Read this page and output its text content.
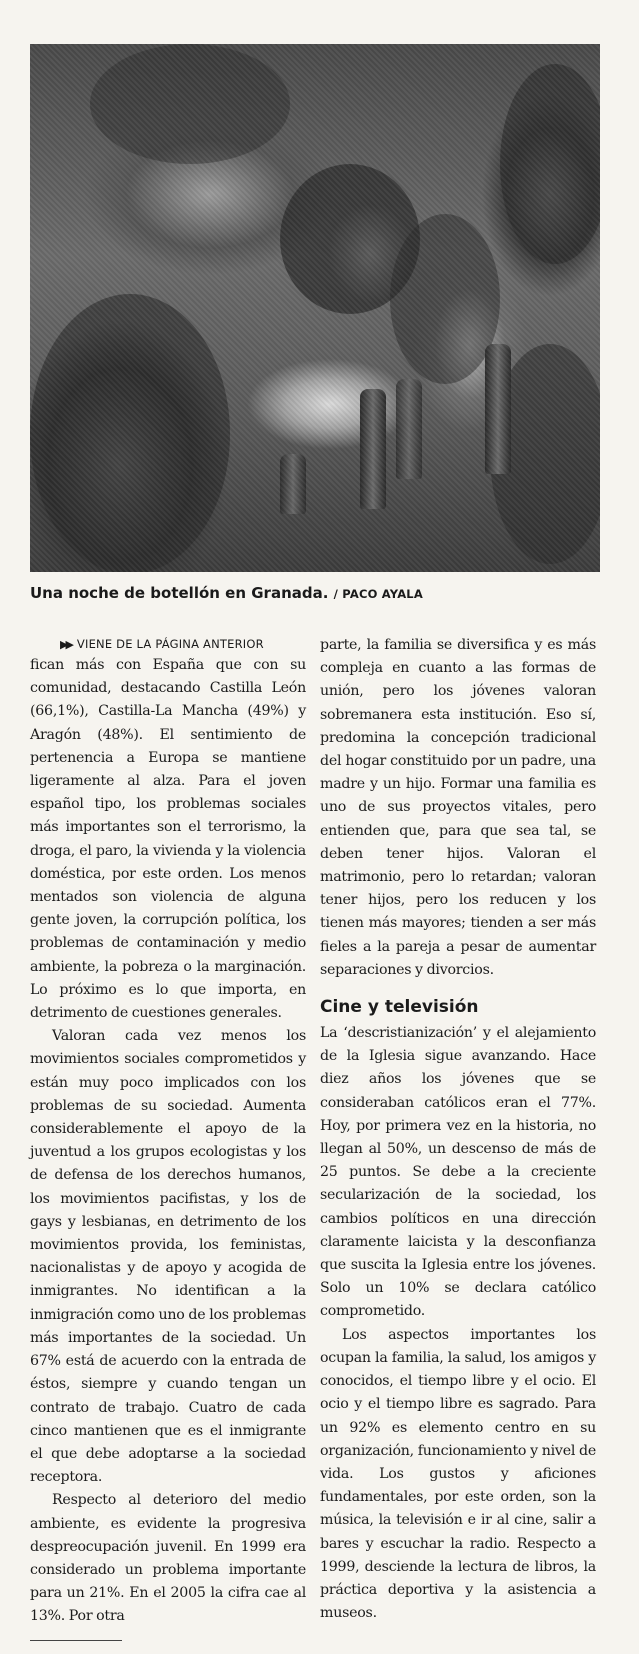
Una noche de botellón en Granada. / PACO AYALA
▶▶ VIENE DE LA PÁGINA ANTERIOR

ﬁcan más con España que con su comunidad, destacando Castilla León (66,1%), Castilla-La Mancha (49%) y Aragón (48%). El sentimiento de pertenencia a Europa se mantiene ligeramente al alza. Para el joven español tipo, los problemas sociales más importantes son el terrorismo, la droga, el paro, la vivienda y la violencia doméstica, por este orden. Los menos mentados son violencia de alguna gente joven, la corrupción política, los problemas de contaminación y medio ambiente, la pobreza o la marginación. Lo próximo es lo que importa, en detrimento de cuestiones generales.

Valoran cada vez menos los movimientos sociales comprometidos y están muy poco implicados con los problemas de su sociedad. Aumenta considerablemente el apoyo de la juventud a los grupos ecologistas y los de defensa de los derechos humanos, los movimientos paciﬁstas, y los de gays y lesbianas, en detrimento de los movimientos provida, los feministas, nacionalistas y de apoyo y acogida de inmigrantes. No identiﬁcan a la inmigración como uno de los problemas más importantes de la sociedad. Un 67% está de acuerdo con la entrada de éstos, siempre y cuando tengan un contrato de trabajo. Cuatro de cada cinco mantienen que es el inmigrante el que debe adoptarse a la sociedad receptora.

Respecto al deterioro del medio ambiente, es evidente la progresiva despreocupación juvenil. En 1999 era considerado un problema importante para un 21%. En el 2005 la cifra cae al 13%. Por otra

parte, la familia se diversiﬁca y es más compleja en cuanto a las formas de unión, pero los jóvenes valoran sobremanera esta institución. Eso sí, predomina la concepción tradicional del hogar constituido por un padre, una madre y un hijo. Formar una familia es uno de sus proyectos vitales, pero entienden que, para que sea tal, se deben tener hijos. Valoran el matrimonio, pero lo retardan; valoran tener hijos, pero los reducen y los tienen más mayores; tienden a ser más ﬁeles a la pareja a pesar de aumentar separaciones y divorcios.

Cine y televisión

La ‘descristianización’ y el alejamiento de la Iglesia sigue avanzando. Hace diez años los jóvenes que se consideraban católicos eran el 77%. Hoy, por primera vez en la historia, no llegan al 50%, un descenso de más de 25 puntos. Se debe a la creciente secularización de la sociedad, los cambios políticos en una dirección claramente laicista y la desconﬁanza que suscita la Iglesia entre los jóvenes. Solo un 10% se declara católico comprometido.

Los aspectos importantes los ocupan la familia, la salud, los amigos y conocidos, el tiempo libre y el ocio. El ocio y el tiempo libre es sagrado. Para un 92% es elemento centro en su organización, funcionamiento y nivel de vida. Los gustos y aﬁciones fundamentales, por este orden, son la música, la televisión e ir al cine, salir a bares y escuchar la radio. Respecto a 1999, desciende la lectura de libros, la práctica deportiva y la asistencia a museos.
